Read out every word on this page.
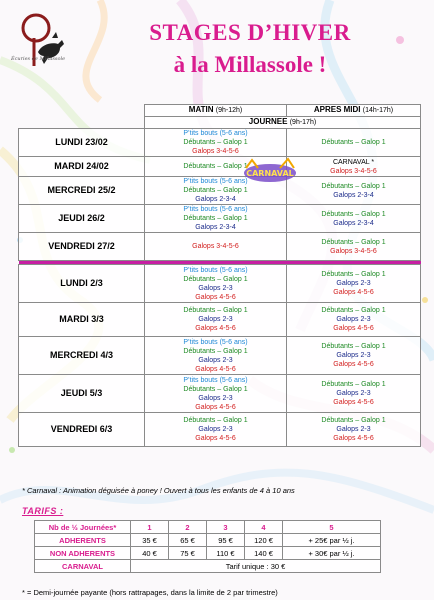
Écuries de Millassole
STAGES D’HIVER
à la Millassole !
	MATIN (9h-12h)	APRES MIDI (14h-17h)
	JOURNEE (9h-17h)	
LUNDI 23/02	P’tits bouts (5-6 ans)
Débutants – Galop 1
Galops 3-4-5-6	Débutants – Galop 1

MARDI 24/02	Débutants – Galop 1	CARNAVAL *
Galops 3-4-5-6

MERCREDI 25/2	P’tits bouts (5-6 ans)
Débutants – Galop 1
Galops 2-3-4	Débutants – Galop 1
Galops 2-3-4

JEUDI 26/2	P’tits bouts (5-6 ans)
Débutants – Galop 1
Galops 2-3-4	Débutants – Galop 1
Galops 2-3-4

VENDREDI 27/2	Galops 3-4-5-6	Débutants – Galop 1
Galops 3-4-5-6

LUNDI 2/3	P’tits bouts (5-6 ans)
Débutants – Galop 1
Galops 2-3
Galops 4-5-6	Débutants – Galop 1
Galops 2-3
Galops 4-5-6

MARDI 3/3	Débutants – Galop 1
Galops 2-3
Galops 4-5-6	Débutants – Galop 1
Galops 2-3
Galops 4-5-6

MERCREDI 4/3	P’tits bouts (5-6 ans)
Débutants – Galop 1
Galops 2-3
Galops 4-5-6	Débutants – Galop 1
Galops 2-3
Galops 4-5-6

JEUDI 5/3	P’tits bouts (5-6 ans)
Débutants – Galop 1
Galops 2-3
Galops 4-5-6	Débutants – Galop 1
Galops 2-3
Galops 4-5-6

VENDREDI 6/3	Débutants – Galop 1
Galops 2-3
Galops 4-5-6	Débutants – Galop 1
Galops 2-3
Galops 4-5-6
CARNAVAL
* Carnaval : Animation déguisée à poney ! Ouvert à tous les enfants de 4 à 10 ans
TARIFS :
Nb de ½ Journées*	1	2	3	4	5
ADHERENTS	35 €	65 €	95 €	120 €	+ 25€ par ½ j.
NON ADHERENTS	40 €	75 €	110 €	140 €	+ 30€ par ½ j.
CARNAVAL	Tarif unique : 30 €				
* = Demi-journée payante (hors rattrapages, dans la limite de 2 par trimestre)
